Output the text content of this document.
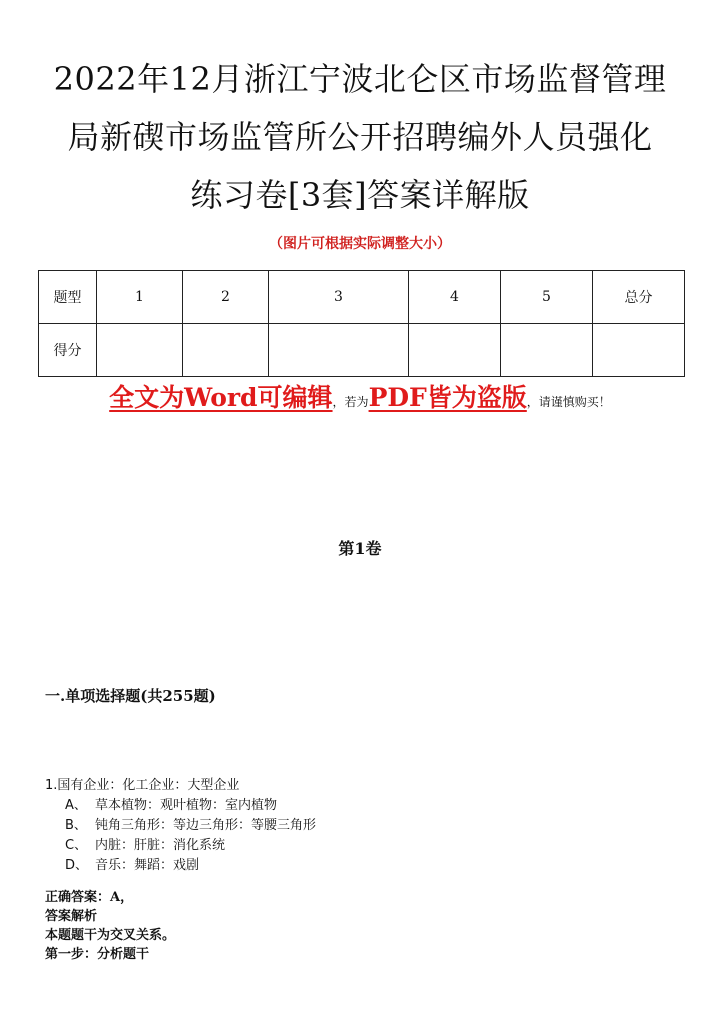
2022年12月浙江宁波北仑区市场监督管理
局新碶市场监管所公开招聘编外人员强化
练习卷[3套]答案详解版
（图片可根据实际调整大小）
题型	1	2	3	4	5	总分
得分						
全文为Word可编辑，若为PDF皆为盗版，请谨慎购买！
第1卷
一.单项选择题(共255题)
1.国有企业：化工企业：大型企业
A、 草本植物：观叶植物：室内植物
B、 钝角三角形：等边三角形：等腰三角形
C、 内脏：肝脏：消化系统
D、 音乐：舞蹈：戏剧
正确答案：A，
答案解析
本题题干为交叉关系。
第一步：分析题干
